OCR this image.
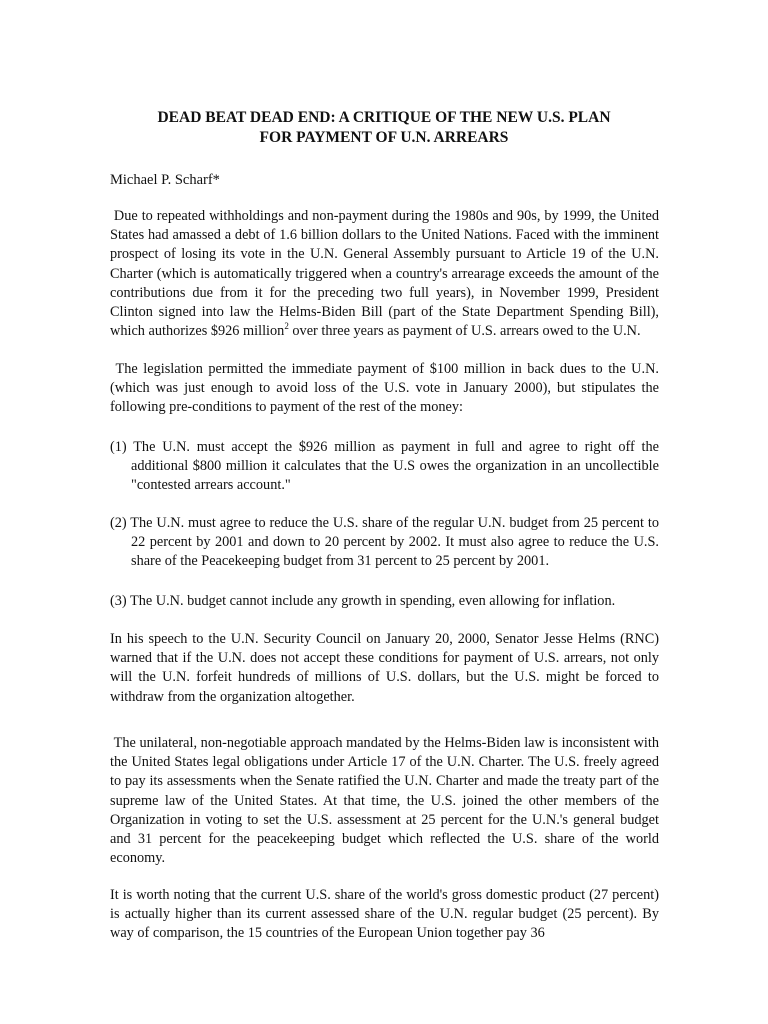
DEAD BEAT DEAD END: A CRITIQUE OF THE NEW U.S. PLAN
FOR PAYMENT OF U.N. ARREARS

Michael P. Scharf*

Due to repeated withholdings and non-payment during the 1980s and 90s, by 1999, the United States had amassed a debt of 1.6 billion dollars to the United Nations. Faced with the imminent prospect of losing its vote in the U.N. General Assembly pursuant to Article 19 of the U.N. Charter (which is automatically triggered when a country's arrearage exceeds the amount of the contributions due from it for the preceding two full years), in November 1999, President Clinton signed into law the Helms-Biden Bill (part of the State Department Spending Bill), which authorizes $926 million$^2$ over three years as payment of U.S. arrears owed to the U.N.

The legislation permitted the immediate payment of $100 million in back dues to the U.N. (which was just enough to avoid loss of the U.S. vote in January 2000), but stipulates the following pre-conditions to payment of the rest of the money:

(1) The U.N. must accept the $926 million as payment in full and agree to right off the additional $800 million it calculates that the U.S owes the organization in an uncollectible "contested arrears account."

(2) The U.N. must agree to reduce the U.S. share of the regular U.N. budget from 25 percent to 22 percent by 2001 and down to 20 percent by 2002. It must also agree to reduce the U.S. share of the Peacekeeping budget from 31 percent to 25 percent by 2001.

(3) The U.N. budget cannot include any growth in spending, even allowing for inflation.

In his speech to the U.N. Security Council on January 20, 2000, Senator Jesse Helms (RNC) warned that if the U.N. does not accept these conditions for payment of U.S. arrears, not only will the U.N. forfeit hundreds of millions of U.S. dollars, but the U.S. might be forced to withdraw from the organization altogether.

The unilateral, non-negotiable approach mandated by the Helms-Biden law is inconsistent with the United States legal obligations under Article 17 of the U.N. Charter. The U.S. freely agreed to pay its assessments when the Senate ratified the U.N. Charter and made the treaty part of the supreme law of the United States. At that time, the U.S. joined the other members of the Organization in voting to set the U.S. assessment at 25 percent for the U.N.'s general budget and 31 percent for the peacekeeping budget which reflected the U.S. share of the world economy.

It is worth noting that the current U.S. share of the world's gross domestic product (27 percent) is actually higher than its current assessed share of the U.N. regular budget (25 percent). By way of comparison, the 15 countries of the European Union together pay 36
